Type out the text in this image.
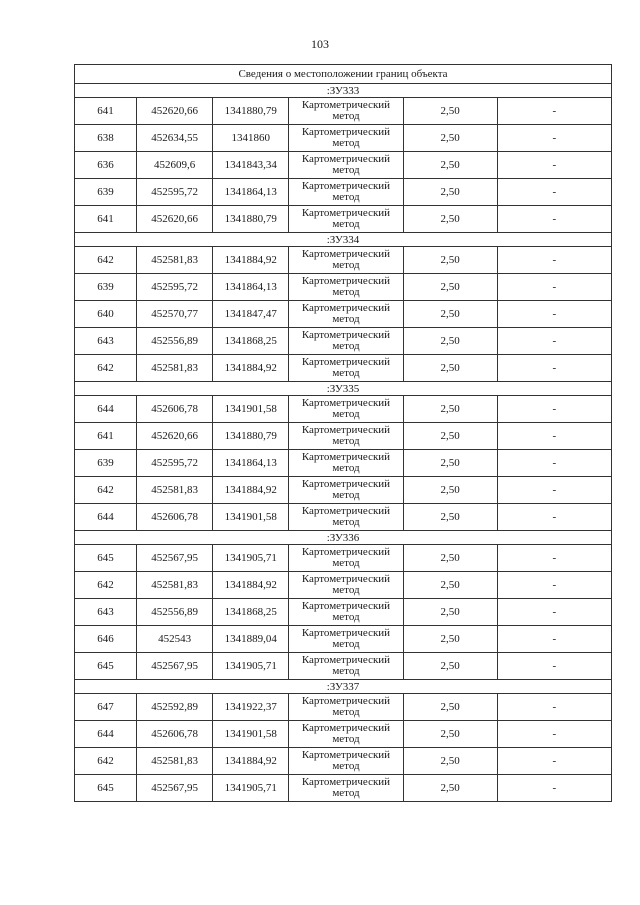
103
Сведения о местоположении границ объекта					
:ЗУ333					
641	452620,66	1341880,79	Картометрический метод	2,50	-
638	452634,55	1341860	Картометрический метод	2,50	-
636	452609,6	1341843,34	Картометрический метод	2,50	-
639	452595,72	1341864,13	Картометрический метод	2,50	-
641	452620,66	1341880,79	Картометрический метод	2,50	-
:ЗУ334					
642	452581,83	1341884,92	Картометрический метод	2,50	-
639	452595,72	1341864,13	Картометрический метод	2,50	-
640	452570,77	1341847,47	Картометрический метод	2,50	-
643	452556,89	1341868,25	Картометрический метод	2,50	-
642	452581,83	1341884,92	Картометрический метод	2,50	-
:ЗУ335					
644	452606,78	1341901,58	Картометрический метод	2,50	-
641	452620,66	1341880,79	Картометрический метод	2,50	-
639	452595,72	1341864,13	Картометрический метод	2,50	-
642	452581,83	1341884,92	Картометрический метод	2,50	-
644	452606,78	1341901,58	Картометрический метод	2,50	-
:ЗУ336					
645	452567,95	1341905,71	Картометрический метод	2,50	-
642	452581,83	1341884,92	Картометрический метод	2,50	-
643	452556,89	1341868,25	Картометрический метод	2,50	-
646	452543	1341889,04	Картометрический метод	2,50	-
645	452567,95	1341905,71	Картометрический метод	2,50	-
:ЗУ337					
647	452592,89	1341922,37	Картометрический метод	2,50	-
644	452606,78	1341901,58	Картометрический метод	2,50	-
642	452581,83	1341884,92	Картометрический метод	2,50	-
645	452567,95	1341905,71	Картометрический метод	2,50	-
